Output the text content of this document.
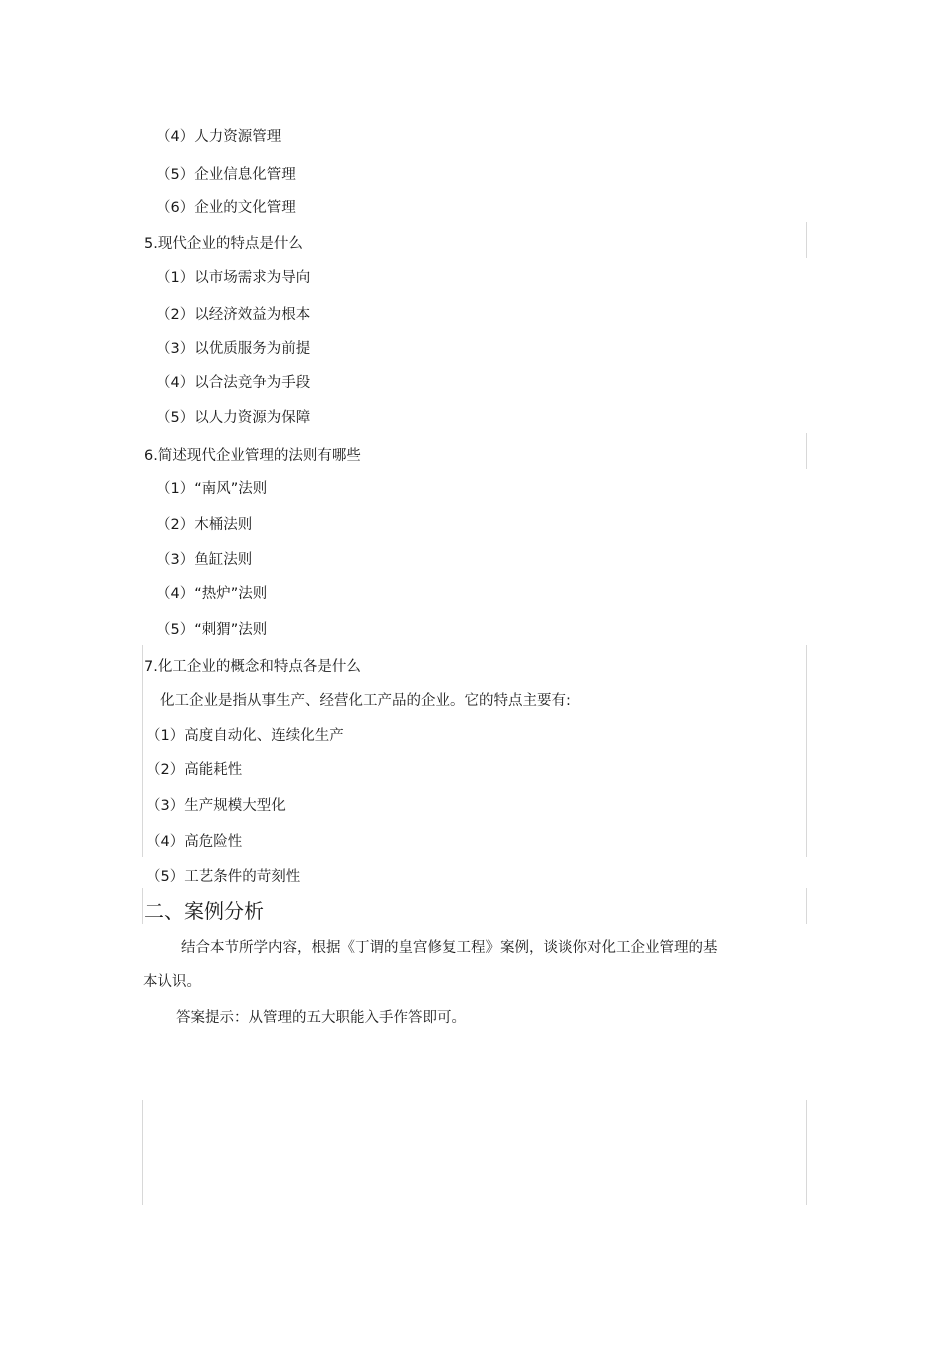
（4）人力资源管理
（5）企业信息化管理
（6）企业的文化管理
5.现代企业的特点是什么
（1）以市场需求为导向
（2）以经济效益为根本
（3）以优质服务为前提
（4）以合法竞争为手段
（5）以人力资源为保障
6.简述现代企业管理的法则有哪些
（1）“南风”法则
（2）木桶法则
（3）鱼缸法则
（4）“热炉”法则
（5）“刺猬”法则
7.化工企业的概念和特点各是什么
化工企业是指从事生产、经营化工产品的企业。它的特点主要有:
（1）高度自动化、连续化生产
（2）高能耗性
（3）生产规模大型化
（4）高危险性
（5）工艺条件的苛刻性
二、案例分析
结合本节所学内容，根据《丁谓的皇宫修复工程》案例，谈谈你对化工企业管理的基
本认识。
答案提示：从管理的五大职能入手作答即可。
